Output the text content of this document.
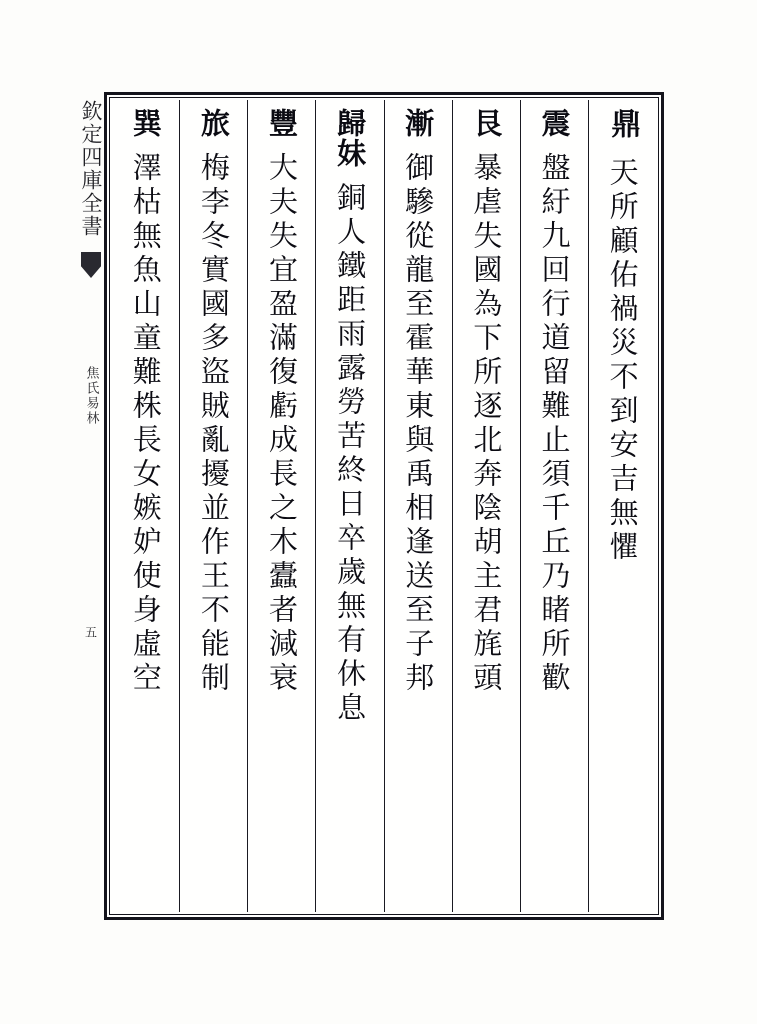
欽定四庫全書
焦氏易林
五
鼎
天所顧佑禍災不到安吉無懼
震
盤紆九回行道留難止須千丘乃睹所歡
艮
暴虐失國為下所逐北奔陰胡主君旄頭
漸
御驂從龍至霍華東與禹相逢送至子邦
歸妹
銅人鐵距雨露勞苦終日卒歲無有休息
豐
大夫失宜盈滿復虧成長之木蠹者減衰
旅
梅李冬實國多盜賊亂擾並作王不能制
巽
澤枯無魚山童難株長女嫉妒使身虛空
